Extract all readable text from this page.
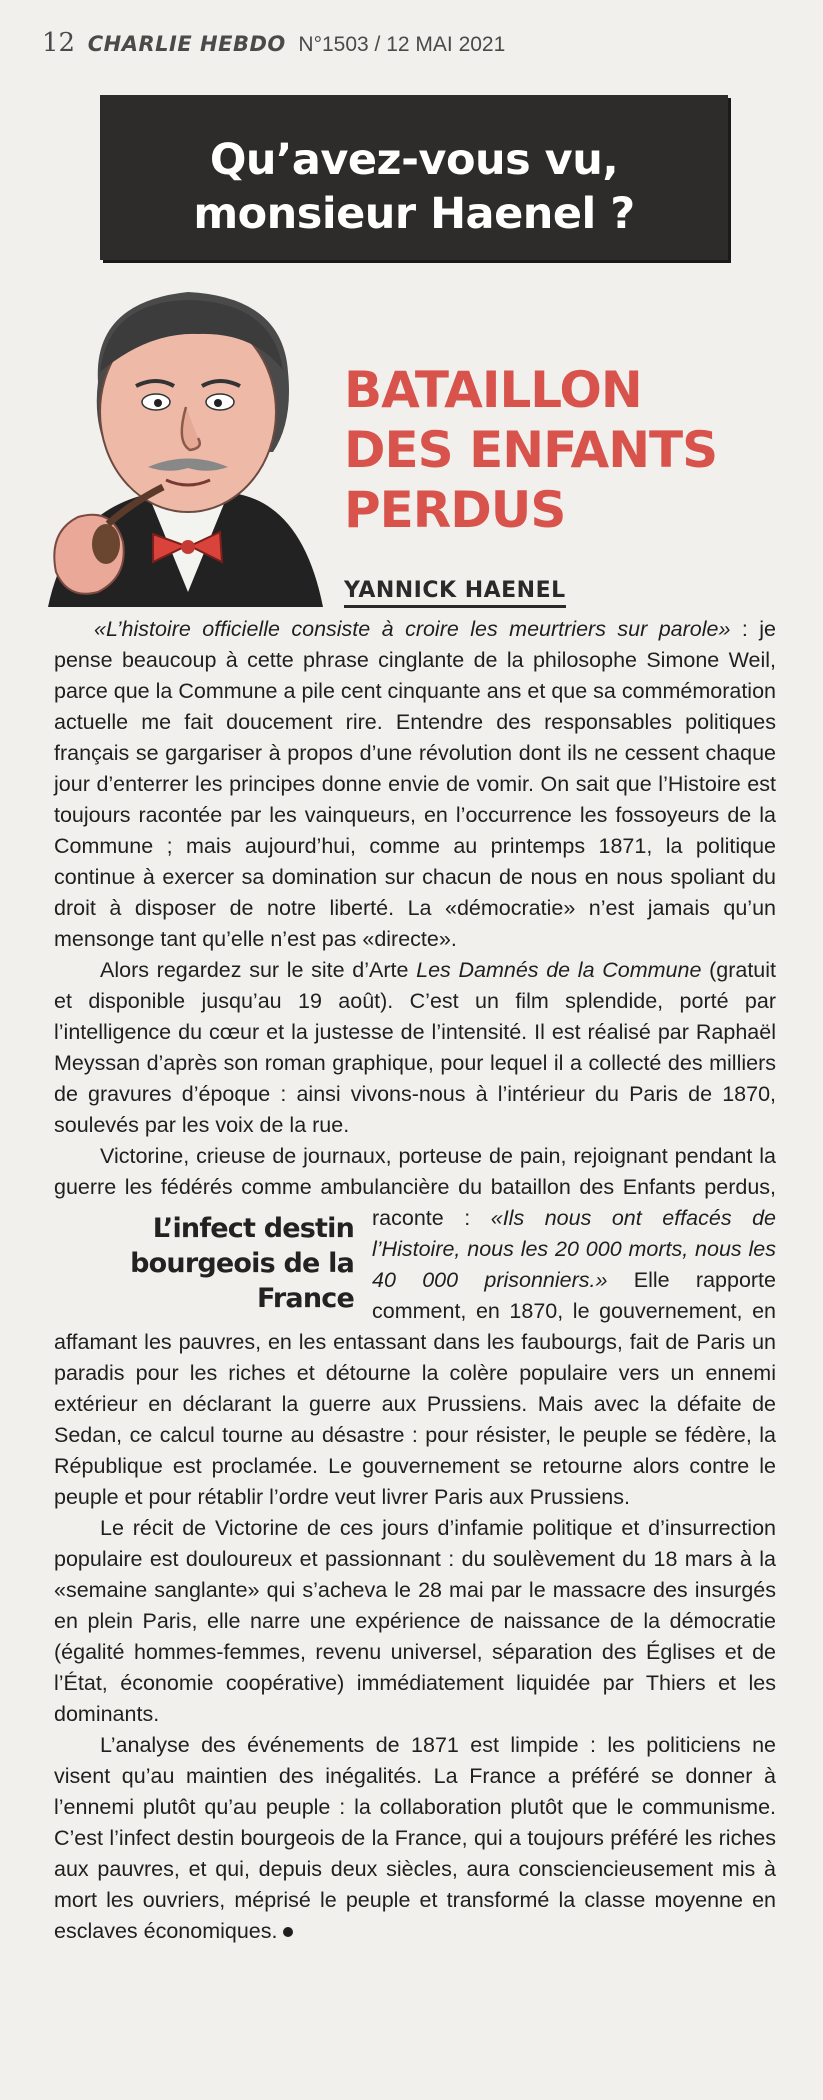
12 CHARLIE HEBDO N°1503 / 12 MAI 2021
Qu’avez-vous vu, monsieur Haenel ?
BATAILLON DES ENFANTS PERDUS
YANNICK HAENEL

«L’histoire officielle consiste à croire les meurtriers sur parole» : je pense beaucoup à cette phrase cinglante de la philosophe Simone Weil, parce que la Commune a pile cent cinquante ans et que sa commémoration actuelle me fait doucement rire. Entendre des responsables politiques français se gargariser à propos d’une révolution dont ils ne cessent chaque jour d’enterrer les principes donne envie de vomir. On sait que l’Histoire est toujours racontée par les vainqueurs, en l’occurrence les fossoyeurs de la Commune ; mais aujourd’hui, comme au printemps 1871, la politique continue à exercer sa domination sur chacun de nous en nous spoliant du droit à disposer de notre liberté. La «démocratie» n’est jamais qu’un mensonge tant qu’elle n’est pas «directe».

Alors regardez sur le site d’Arte Les Damnés de la Commune (gratuit et disponible jusqu’au 19 août). C’est un film splendide, porté par l’intelligence du cœur et la justesse de l’intensité. Il est réalisé par Raphaël Meyssan d’après son roman graphique, pour lequel il a collecté des milliers de gravures d’époque : ainsi vivons-nous à l’intérieur du Paris de 1870, soulevés par les voix de la rue.

Victorine, crieuse de journaux, porteuse de pain, rejoignant pendant la guerre les fédérés comme ambulancière du bataillon des Enfants perdus, raconte :
L’infect destin bourgeois de la France
«Ils nous ont effacés de l’Histoire, nous les 20 000 morts, nous les 40 000 prisonniers.» Elle rapporte comment, en 1870, le gouvernement, en affamant les pauvres, en les entassant dans les faubourgs, fait de Paris un paradis pour les riches et détourne la colère populaire vers un ennemi extérieur en déclarant la guerre aux Prussiens. Mais avec la défaite de Sedan, ce calcul tourne au désastre : pour résister, le peuple se fédère, la République est proclamée. Le gouvernement se retourne alors contre le peuple et pour rétablir l’ordre veut livrer Paris aux Prussiens.

Le récit de Victorine de ces jours d’infamie politique et d’insurrection populaire est douloureux et passionnant : du soulèvement du 18 mars à la «semaine sanglante» qui s’acheva le 28 mai par le massacre des insurgés en plein Paris, elle narre une expérience de naissance de la démocratie (égalité hommes-femmes, revenu universel, séparation des Églises et de l’État, économie coopérative) immédiatement liquidée par Thiers et les dominants.

L’analyse des événements de 1871 est limpide : les politiciens ne visent qu’au maintien des inégalités. La France a préféré se donner à l’ennemi plutôt qu’au peuple : la collaboration plutôt que le communisme. C’est l’infect destin bourgeois de la France, qui a toujours préféré les riches aux pauvres, et qui, depuis deux siècles, aura consciencieusement mis à mort les ouvriers, méprisé le peuple et transformé la classe moyenne en esclaves économiques.
